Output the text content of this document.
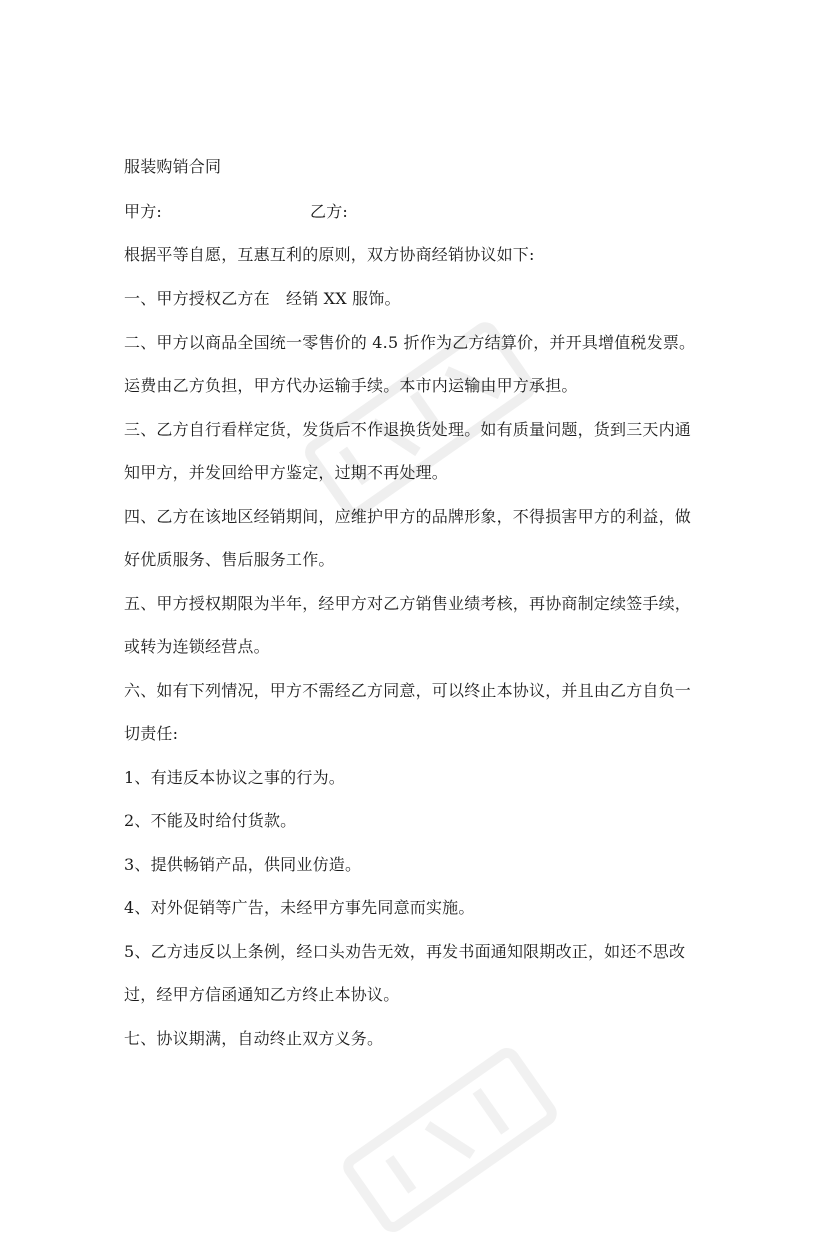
服装购销合同
甲方:	乙方:
根据平等自愿，互惠互利的原则，双方协商经销协议如下:
一、甲方授权乙方在　经销 XX 服饰。
二、甲方以商品全国统一零售价的 4.5 折作为乙方结算价，并开具增值税发票。
运费由乙方负担，甲方代办运输手续。本市内运输由甲方承担。
三、乙方自行看样定货，发货后不作退换货处理。如有质量问题，货到三天内通
知甲方，并发回给甲方鉴定，过期不再处理。
四、乙方在该地区经销期间，应维护甲方的品牌形象，不得损害甲方的利益，做
好优质服务、售后服务工作。
五、甲方授权期限为半年，经甲方对乙方销售业绩考核，再协商制定续签手续，
或转为连锁经营点。
六、如有下列情况，甲方不需经乙方同意，可以终止本协议，并且由乙方自负一
切责任:
1、有违反本协议之事的行为。
2、不能及时给付货款。
3、提供畅销产品，供同业仿造。
4、对外促销等广告，未经甲方事先同意而实施。
5、乙方违反以上条例，经口头劝告无效，再发书面通知限期改正，如还不思改
过，经甲方信函通知乙方终止本协议。
七、协议期满，自动终止双方义务。
